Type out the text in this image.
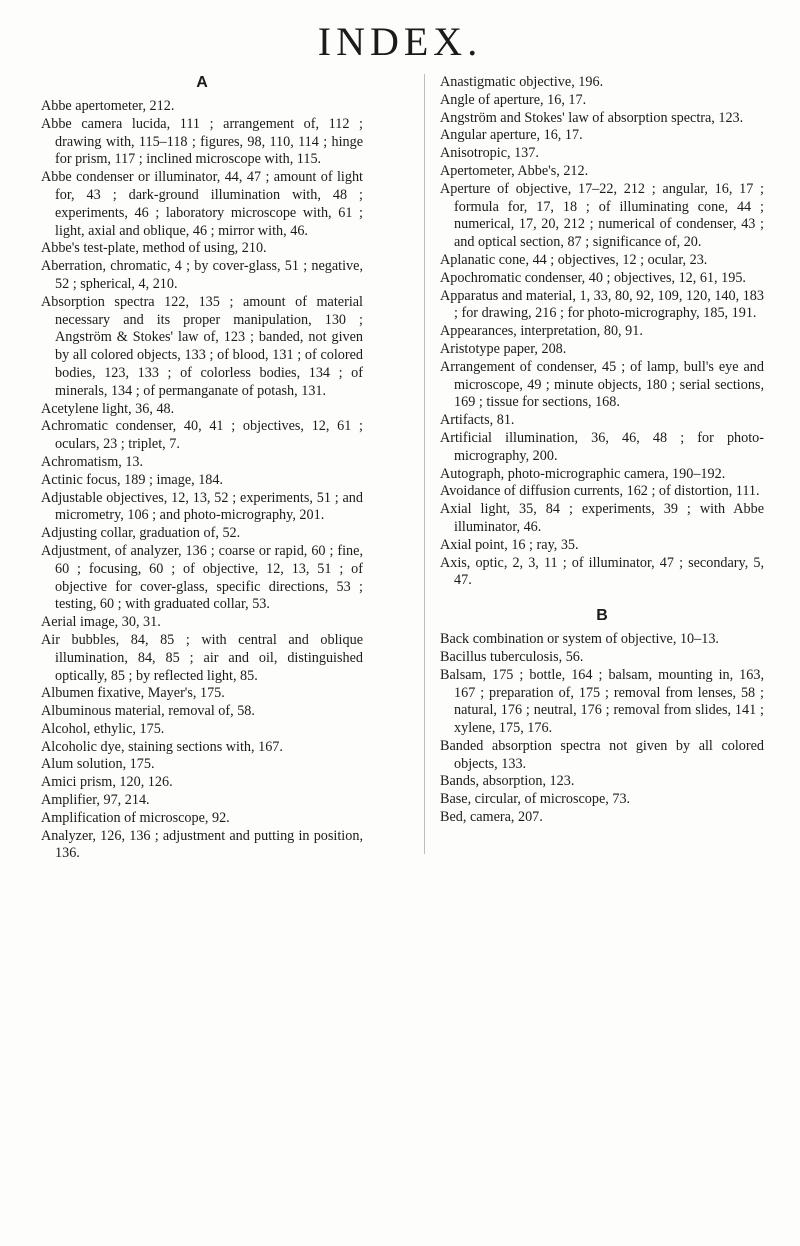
INDEX.
A

Abbe apertometer, 212.

Abbe camera lucida, 111 ; arrangement of, 112 ; drawing with, 115–118 ; figures, 98, 110, 114 ; hinge for prism, 117 ; inclined microscope with, 115.

Abbe condenser or illuminator, 44, 47 ; amount of light for, 43 ; dark-ground illumination with, 48 ; experiments, 46 ; laboratory microscope with, 61 ; light, axial and oblique, 46 ; mirror with, 46.

Abbe's test-plate, method of using, 210.

Aberration, chromatic, 4 ; by cover-glass, 51 ; negative, 52 ; spherical, 4, 210.

Absorption spectra 122, 135 ; amount of material necessary and its proper manipulation, 130 ; Angström & Stokes' law of, 123 ; banded, not given by all colored objects, 133 ; of blood, 131 ; of colored bodies, 123, 133 ; of colorless bodies, 134 ; of minerals, 134 ; of permanganate of potash, 131.

Acetylene light, 36, 48.

Achromatic condenser, 40, 41 ; objectives, 12, 61 ; oculars, 23 ; triplet, 7.

Achromatism, 13.

Actinic focus, 189 ; image, 184.

Adjustable objectives, 12, 13, 52 ; experiments, 51 ; and micrometry, 106 ; and photo-micrography, 201.

Adjusting collar, graduation of, 52.

Adjustment, of analyzer, 136 ; coarse or rapid, 60 ; fine, 60 ; focusing, 60 ; of objective, 12, 13, 51 ; of objective for cover-glass, specific directions, 53 ; testing, 60 ; with graduated collar, 53.

Aerial image, 30, 31.

Air bubbles, 84, 85 ; with central and oblique illumination, 84, 85 ; air and oil, distinguished optically, 85 ; by reflected light, 85.

Albumen fixative, Mayer's, 175.

Albuminous material, removal of, 58.

Alcohol, ethylic, 175.

Alcoholic dye, staining sections with, 167.

Alum solution, 175.

Amici prism, 120, 126.

Amplifier, 97, 214.

Amplification of microscope, 92.

Analyzer, 126, 136 ; adjustment and putting in position, 136.

Anastigmatic objective, 196.

Angle of aperture, 16, 17.

Angström and Stokes' law of absorption spectra, 123.

Angular aperture, 16, 17.

Anisotropic, 137.

Apertometer, Abbe's, 212.

Aperture of objective, 17–22, 212 ; angular, 16, 17 ; formula for, 17, 18 ; of illuminating cone, 44 ; numerical, 17, 20, 212 ; numerical of condenser, 43 ; and optical section, 87 ; significance of, 20.

Aplanatic cone, 44 ; objectives, 12 ; ocular, 23.

Apochromatic condenser, 40 ; objectives, 12, 61, 195.

Apparatus and material, 1, 33, 80, 92, 109, 120, 140, 183 ; for drawing, 216 ; for photo-micrography, 185, 191.

Appearances, interpretation, 80, 91.

Aristotype paper, 208.

Arrangement of condenser, 45 ; of lamp, bull's eye and microscope, 49 ; minute objects, 180 ; serial sections, 169 ; tissue for sections, 168.

Artifacts, 81.

Artificial illumination, 36, 46, 48 ; for photo-micrography, 200.

Autograph, photo-micrographic camera, 190–192.

Avoidance of diffusion currents, 162 ; of distortion, 111.

Axial light, 35, 84 ; experiments, 39 ; with Abbe illuminator, 46.

Axial point, 16 ; ray, 35.

Axis, optic, 2, 3, 11 ; of illuminator, 47 ; secondary, 5, 47.

B

Back combination or system of objective, 10–13.

Bacillus tuberculosis, 56.

Balsam, 175 ; bottle, 164 ; balsam, mounting in, 163, 167 ; preparation of, 175 ; removal from lenses, 58 ; natural, 176 ; neutral, 176 ; removal from slides, 141 ; xylene, 175, 176.

Banded absorption spectra not given by all colored objects, 133.

Bands, absorption, 123.

Base, circular, of microscope, 73.

Bed, camera, 207.
